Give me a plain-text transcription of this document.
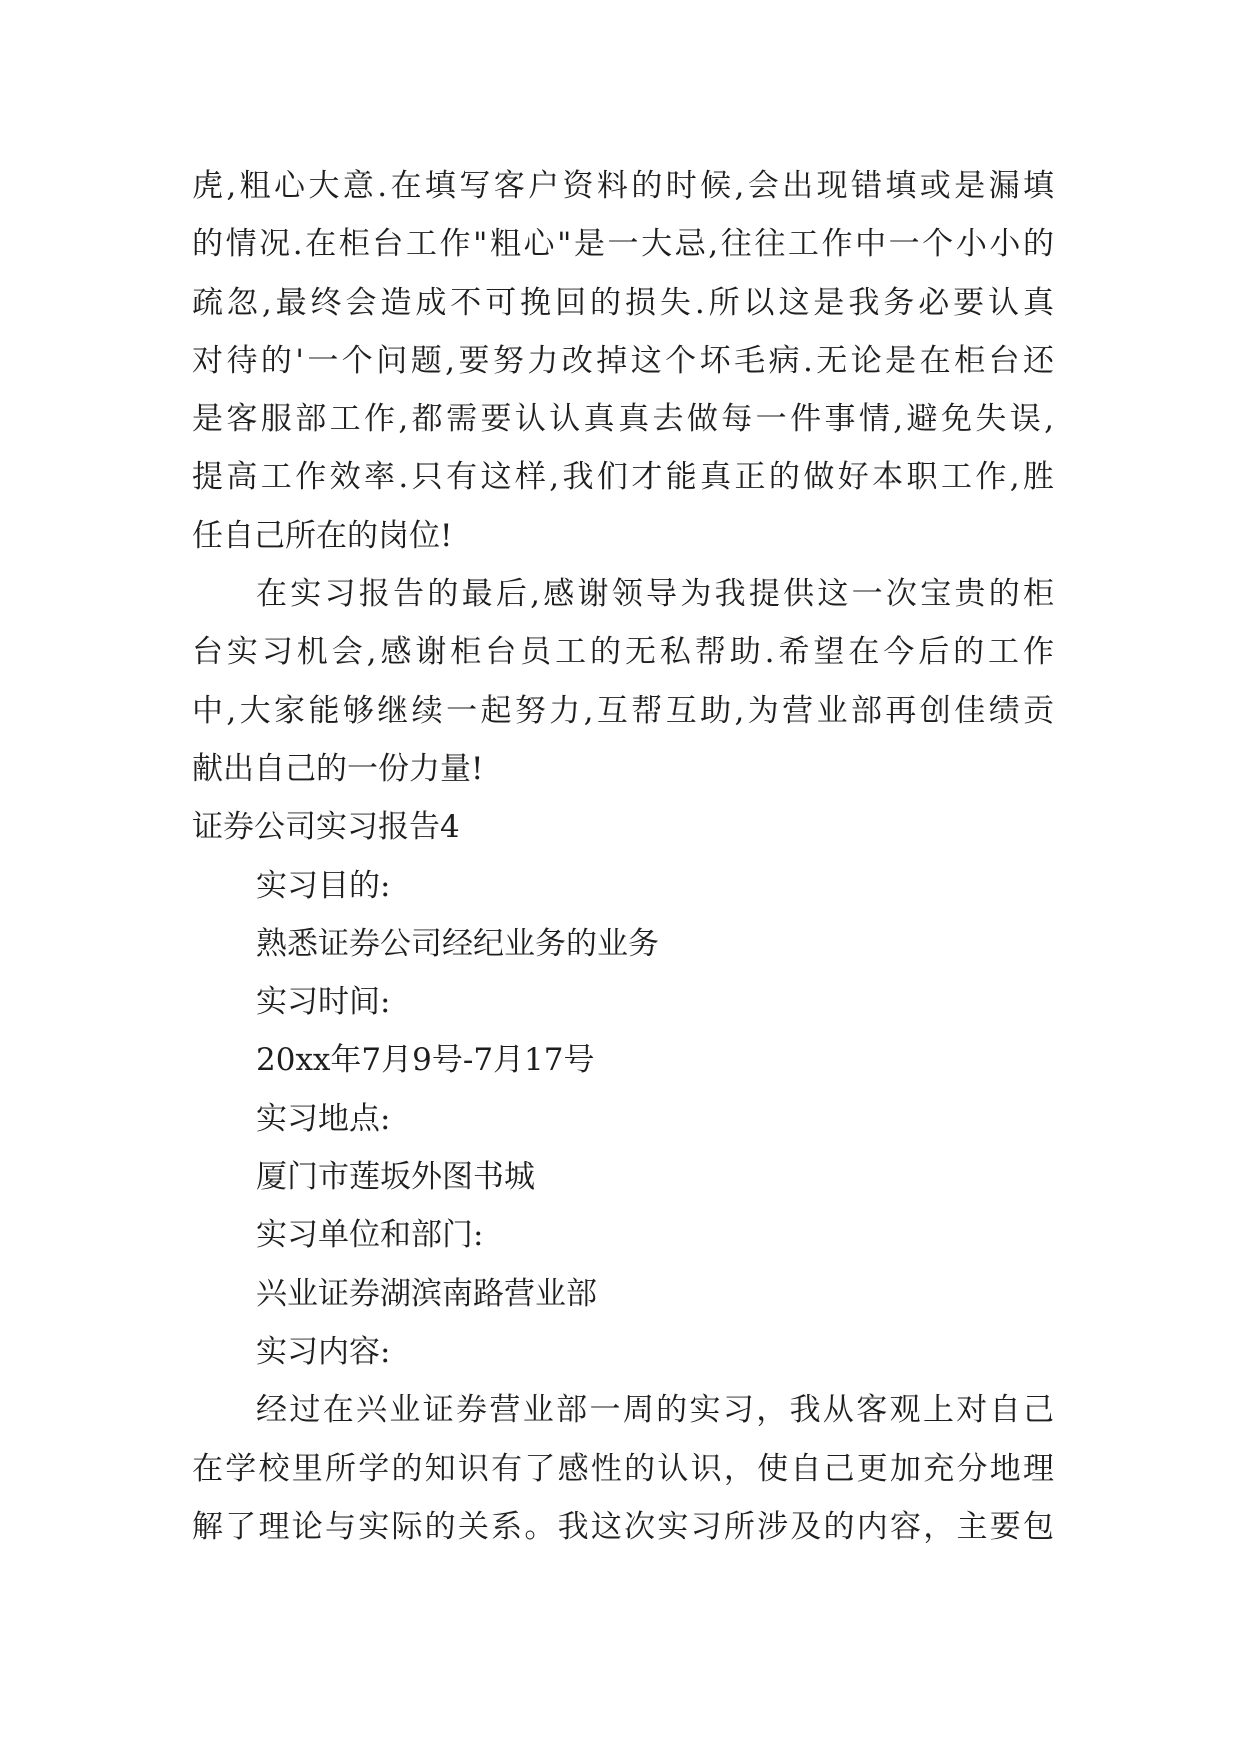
虎,粗心大意.在填写客户资料的时候,会出现错填或是漏填
的情况.在柜台工作"粗心"是一大忌,往往工作中一个小小的
疏忽,最终会造成不可挽回的损失.所以这是我务必要认真
对待的'一个问题,要努力改掉这个坏毛病.无论是在柜台还
是客服部工作,都需要认认真真去做每一件事情,避免失误,
提高工作效率.只有这样,我们才能真正的做好本职工作,胜
任自己所在的岗位!
在实习报告的最后,感谢领导为我提供这一次宝贵的柜
台实习机会,感谢柜台员工的无私帮助.希望在今后的工作
中,大家能够继续一起努力,互帮互助,为营业部再创佳绩贡
献出自己的一份力量!
证券公司实习报告4
实习目的:
熟悉证券公司经纪业务的业务
实习时间:
20xx年7月9号-7月17号
实习地点:
厦门市莲坂外图书城
实习单位和部门:
兴业证券湖滨南路营业部
实习内容:
经过在兴业证券营业部一周的实习，我从客观上对自己
在学校里所学的知识有了感性的认识，使自己更加充分地理
解了理论与实际的关系。我这次实习所涉及的内容，主要包
